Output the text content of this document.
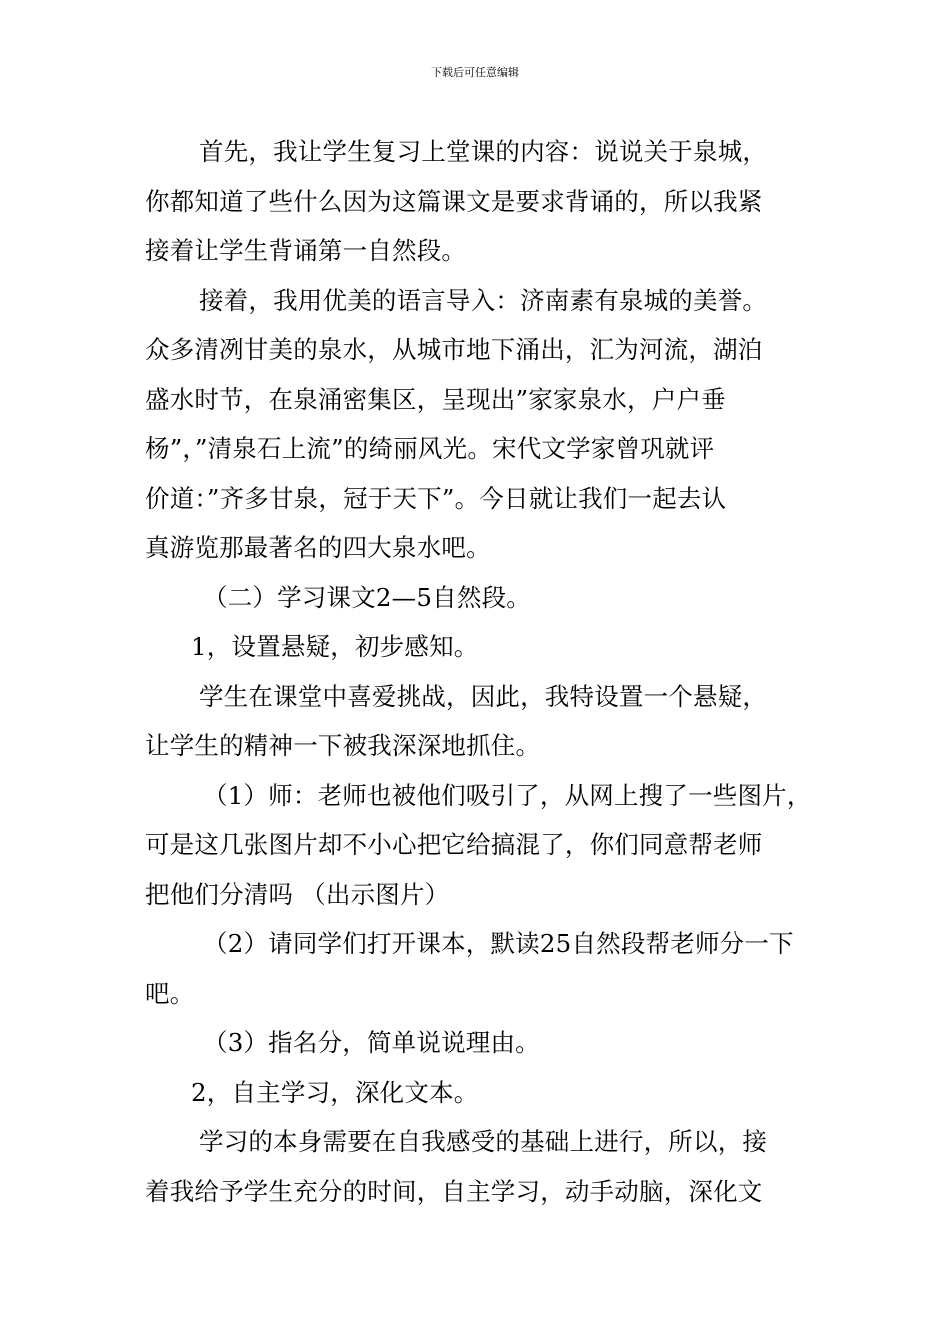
下载后可任意编辑

首先，我让学生复习上堂课的内容：说说关于泉城，

你都知道了些什么因为这篇课文是要求背诵的，所以我紧

接着让学生背诵第一自然段。

接着，我用优美的语言导入：济南素有泉城的美誉。

众多清冽甘美的泉水，从城市地下涌出，汇为河流，湖泊

盛水时节，在泉涌密集区，呈现出”家家泉水，户户垂

杨”，”清泉石上流”的绮丽风光。宋代文学家曾巩就评

价道：”齐多甘泉，冠于天下”。今日就让我们一起去认

真游览那最著名的四大泉水吧。

（二）学习课文2—5自然段。

1，设置悬疑，初步感知。

学生在课堂中喜爱挑战，因此，我特设置一个悬疑，

让学生的精神一下被我深深地抓住。

（1）师：老师也被他们吸引了，从网上搜了一些图片，

可是这几张图片却不小心把它给搞混了，你们同意帮老师

把他们分清吗 （出示图片）

（2）请同学们打开课本，默读25自然段帮老师分一下

吧。

（3）指名分，简单说说理由。

2，自主学习，深化文本。

学习的本身需要在自我感受的基础上进行，所以，接

着我给予学生充分的时间，自主学习，动手动脑，深化文
